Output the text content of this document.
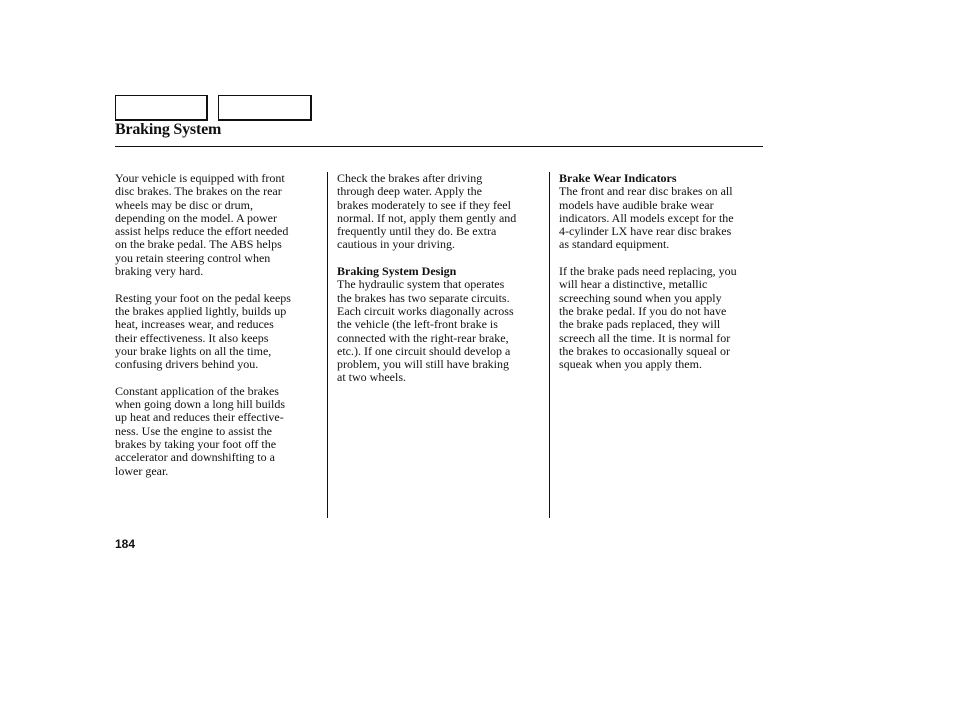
Braking System

Your vehicle is equipped with front
disc brakes. The brakes on the rear
wheels may be disc or drum,
depending on the model. A power
assist helps reduce the effort needed
on the brake pedal. The ABS helps
you retain steering control when
braking very hard.

Resting your foot on the pedal keeps
the brakes applied lightly, builds up
heat, increases wear, and reduces
their effectiveness. It also keeps
your brake lights on all the time,
confusing drivers behind you.

Constant application of the brakes
when going down a long hill builds
up heat and reduces their effective-
ness. Use the engine to assist the
brakes by taking your foot off the
accelerator and downshifting to a
lower gear.

Check the brakes after driving
through deep water. Apply the
brakes moderately to see if they feel
normal. If not, apply them gently and
frequently until they do. Be extra
cautious in your driving.

Braking System Design

The hydraulic system that operates
the brakes has two separate circuits.
Each circuit works diagonally across
the vehicle (the left-front brake is
connected with the right-rear brake,
etc.). If one circuit should develop a
problem, you will still have braking
at two wheels.

Brake Wear Indicators

The front and rear disc brakes on all
models have audible brake wear
indicators. All models except for the
4-cylinder LX have rear disc brakes
as standard equipment.

If the brake pads need replacing, you
will hear a distinctive, metallic
screeching sound when you apply
the brake pedal. If you do not have
the brake pads replaced, they will
screech all the time. It is normal for
the brakes to occasionally squeal or
squeak when you apply them.

184
